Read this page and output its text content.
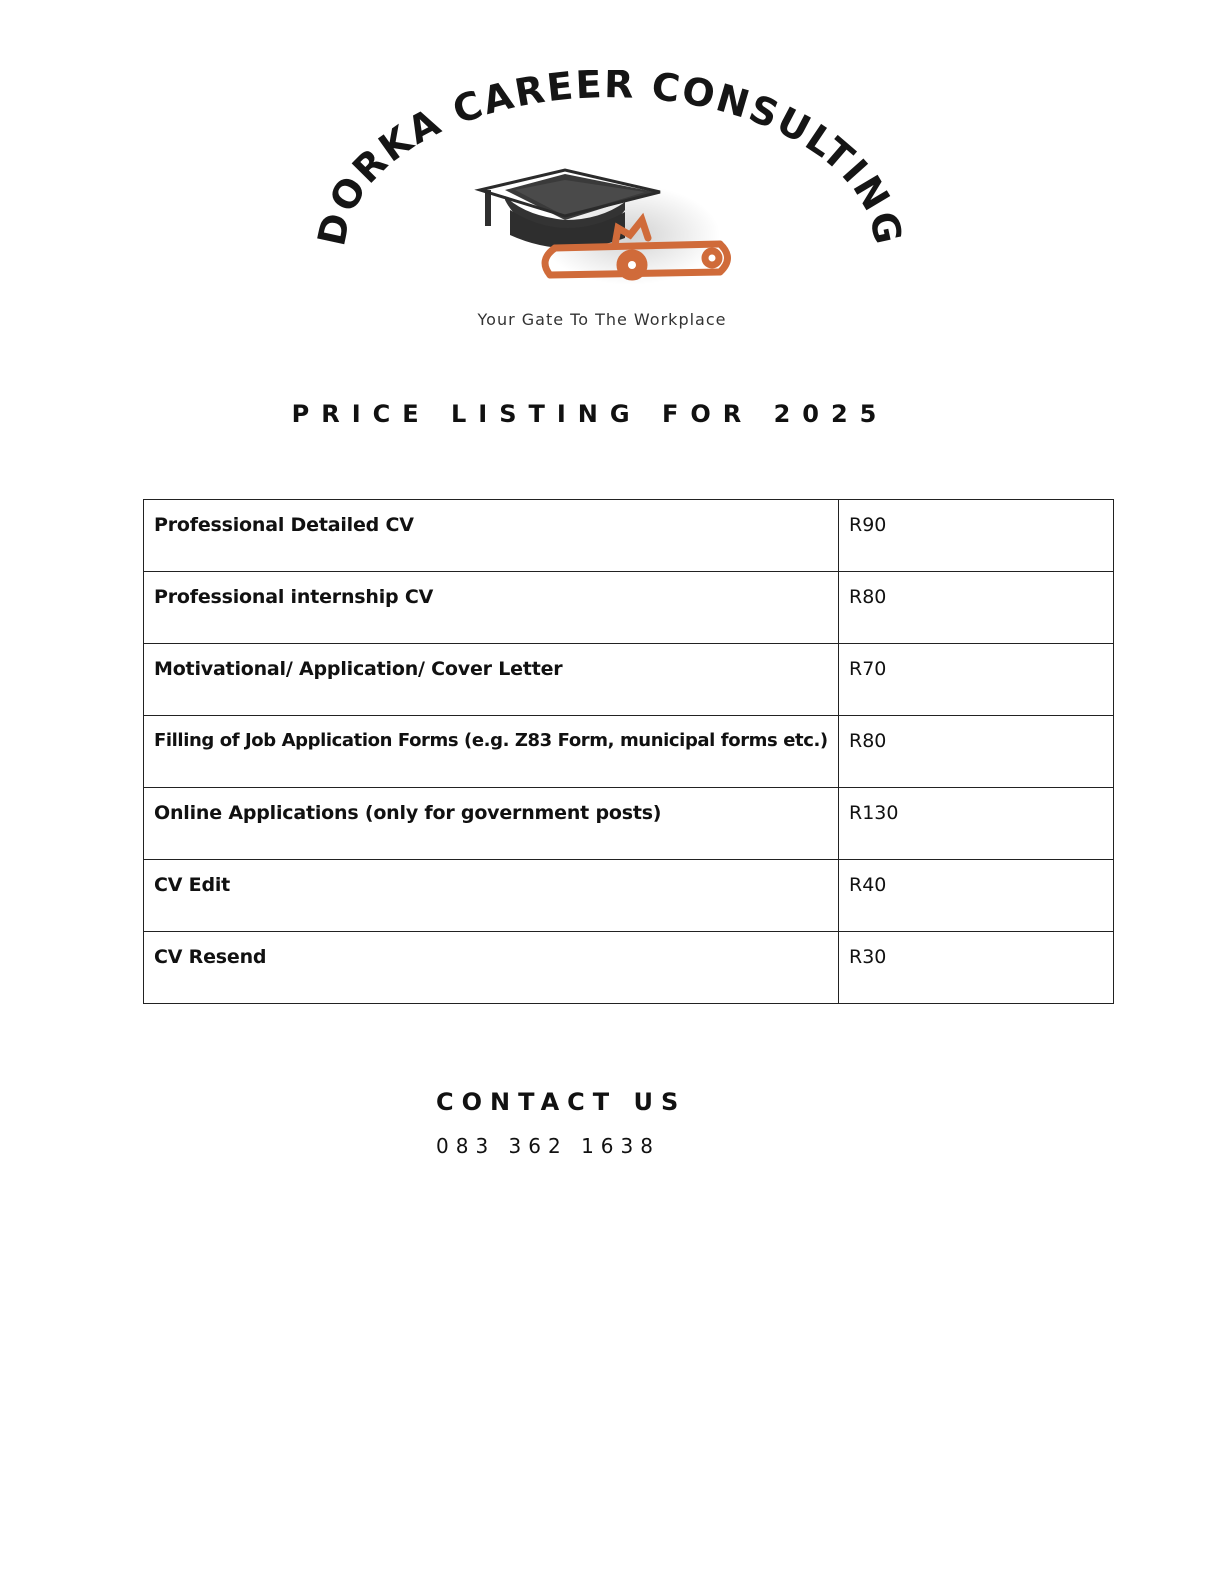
DORKA CAREER CONSULTING
Your Gate To The Workplace
PRICE LISTING FOR 2025
Professional Detailed CV	R90
Professional internship CV	R80
Motivational/ Application/ Cover Letter	R70
Filling of Job Application Forms (e.g. Z83 Form, municipal forms etc.)	R80
Online Applications (only for government posts)	R130
CV Edit	R40
CV Resend	R30
CONTACT US
083 362 1638
